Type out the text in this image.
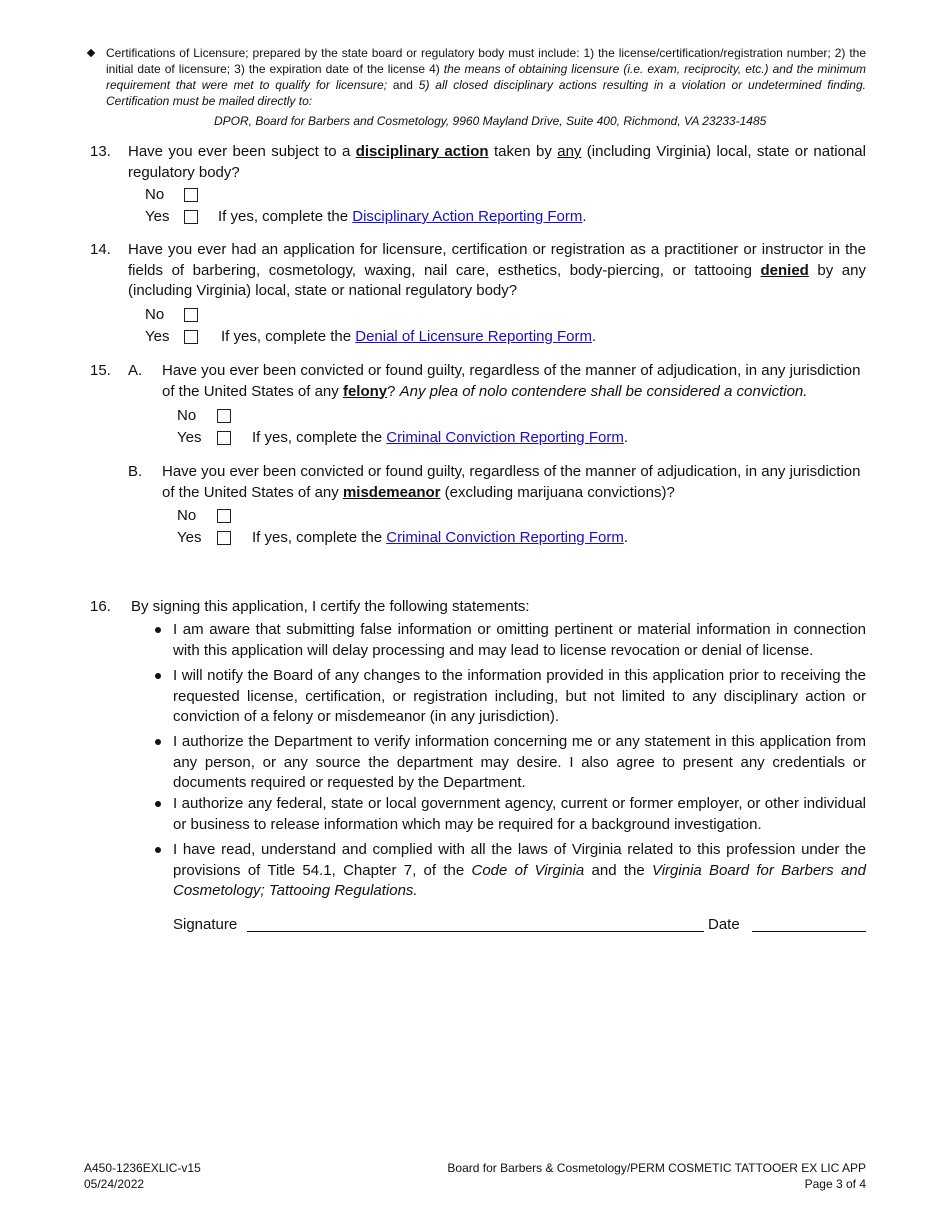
Certifications of Licensure; prepared by the state board or regulatory body must include: 1) the license/certification/registration number; 2) the initial date of licensure; 3) the expiration date of the license 4) the means of obtaining licensure (i.e. exam, reciprocity, etc.) and the minimum requirement that were met to qualify for licensure; and 5) all closed disciplinary actions resulting in a violation or undetermined finding. Certification must be mailed directly to:
DPOR, Board for Barbers and Cosmetology, 9960 Mayland Drive, Suite 400, Richmond, VA 23233-1485
13. Have you ever been subject to a disciplinary action taken by any (including Virginia) local, state or national regulatory body?
No
Yes	If yes, complete the Disciplinary Action Reporting Form.
14. Have you ever had an application for licensure, certification or registration as a practitioner or instructor in the fields of barbering, cosmetology, waxing, nail care, esthetics, body-piercing, or tattooing denied by any (including Virginia) local, state or national regulatory body?
No
Yes	If yes, complete the Denial of Licensure Reporting Form.
15. A. Have you ever been convicted or found guilty, regardless of the manner of adjudication, in any jurisdiction of the United States of any felony? Any plea of nolo contendere shall be considered a conviction.
No
Yes	If yes, complete the Criminal Conviction Reporting Form.
B. Have you ever been convicted or found guilty, regardless of the manner of adjudication, in any jurisdiction of the United States of any misdemeanor (excluding marijuana convictions)?
No
Yes	If yes, complete the Criminal Conviction Reporting Form.
16. By signing this application, I certify the following statements:
I am aware that submitting false information or omitting pertinent or material information in connection with this application will delay processing and may lead to license revocation or denial of license.
I will notify the Board of any changes to the information provided in this application prior to receiving the requested license, certification, or registration including, but not limited to any disciplinary action or conviction of a felony or misdemeanor (in any jurisdiction).
I authorize the Department to verify information concerning me or any statement in this application from any person, or any source the department may desire. I also agree to present any credentials or documents required or requested by the Department.
I authorize any federal, state or local government agency, current or former employer, or other individual or business to release information which may be required for a background investigation.
I have read, understand and complied with all the laws of Virginia related to this profession under the provisions of Title 54.1, Chapter 7, of the Code of Virginia and the Virginia Board for Barbers and Cosmetology; Tattooing Regulations.
Signature	Date
A450-1236EXLIC-v15
05/24/2022
Board for Barbers & Cosmetology/PERM COSMETIC TATTOOER EX LIC APP
Page 3 of 4
